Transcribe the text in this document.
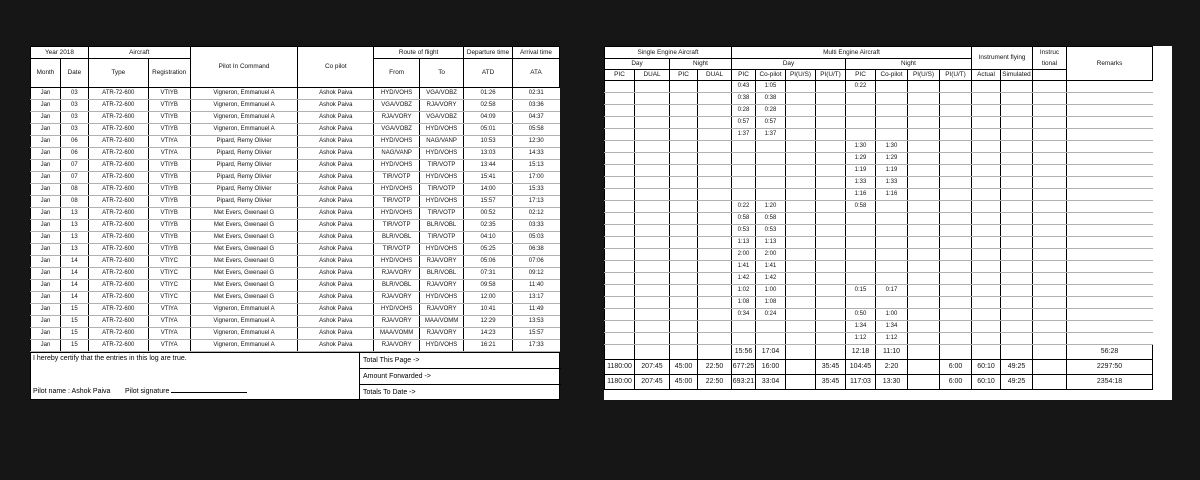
Year 2018		Aircraft		Pilot In Command	Co pilot	Route of flight		Departure time	Arrival time
Month	Date	Type	Registration			From	To	ATD	ATA
Jan	03	ATR-72-600	VTIYB	Vigneron, Emmanuel A	Ashok Paiva	HYD/VOHS	VGA/VOBZ	01:26	02:31
Jan	03	ATR-72-600	VTIYB	Vigneron, Emmanuel A	Ashok Paiva	VGA/VOBZ	RJA/VORY	02:58	03:36
Jan	03	ATR-72-600	VTIYB	Vigneron, Emmanuel A	Ashok Paiva	RJA/VORY	VGA/VOBZ	04:09	04:37
Jan	03	ATR-72-600	VTIYB	Vigneron, Emmanuel A	Ashok Paiva	VGA/VOBZ	HYD/VOHS	05:01	05:58
Jan	06	ATR-72-600	VTIYA	Pipard, Remy Olivier	Ashok Paiva	HYD/VOHS	NAG/VANP	10:53	12:30
Jan	06	ATR-72-600	VTIYA	Pipard, Remy Olivier	Ashok Paiva	NAG/VANP	HYD/VOHS	13:03	14:33
Jan	07	ATR-72-600	VTIYB	Pipard, Remy Olivier	Ashok Paiva	HYD/VOHS	TIR/VOTP	13:44	15:13
Jan	07	ATR-72-600	VTIYB	Pipard, Remy Olivier	Ashok Paiva	TIR/VOTP	HYD/VOHS	15:41	17:00
Jan	08	ATR-72-600	VTIYB	Pipard, Remy Olivier	Ashok Paiva	HYD/VOHS	TIR/VOTP	14:00	15:33
Jan	08	ATR-72-600	VTIYB	Pipard, Remy Olivier	Ashok Paiva	TIR/VOTP	HYD/VOHS	15:57	17:13
Jan	13	ATR-72-600	VTIYB	Met Evers, Gwenael G	Ashok Paiva	HYD/VOHS	TIR/VOTP	00:52	02:12
Jan	13	ATR-72-600	VTIYB	Met Evers, Gwenael G	Ashok Paiva	TIR/VOTP	BLR/VOBL	02:35	03:33
Jan	13	ATR-72-600	VTIYB	Met Evers, Gwenael G	Ashok Paiva	BLR/VOBL	TIR/VOTP	04:10	05:03
Jan	13	ATR-72-600	VTIYB	Met Evers, Gwenael G	Ashok Paiva	TIR/VOTP	HYD/VOHS	05:25	06:38
Jan	14	ATR-72-600	VTIYC	Met Evers, Gwenael G	Ashok Paiva	HYD/VOHS	RJA/VORY	05:06	07:06
Jan	14	ATR-72-600	VTIYC	Met Evers, Gwenael G	Ashok Paiva	RJA/VORY	BLR/VOBL	07:31	09:12
Jan	14	ATR-72-600	VTIYC	Met Evers, Gwenael G	Ashok Paiva	BLR/VOBL	RJA/VORY	09:58	11:40
Jan	14	ATR-72-600	VTIYC	Met Evers, Gwenael G	Ashok Paiva	RJA/VORY	HYD/VOHS	12:00	13:17
Jan	15	ATR-72-600	VTIYA	Vigneron, Emmanuel A	Ashok Paiva	HYD/VOHS	RJA/VORY	10:41	11:49
Jan	15	ATR-72-600	VTIYA	Vigneron, Emmanuel A	Ashok Paiva	RJA/VORY	MAA/VOMM	12:29	13:53
Jan	15	ATR-72-600	VTIYA	Vigneron, Emmanuel A	Ashok Paiva	MAA/VOMM	RJA/VORY	14:23	15:57
Jan	15	ATR-72-600	VTIYA	Vigneron, Emmanuel A	Ashok Paiva	RJA/VORY	HYD/VOHS	16:21	17:33
I hereby certify that the entries in this log are true.
Pilot name : Ashok Paiva Pilot signature
Total This Page ->
Amount Forwarded ->
Totals To Date ->
Single Engine Aircraft				Multi Engine Aircraft								Instrument flying		Instruc
tional	Remarks
Day		Night		Day				Night							
PIC	DUAL	PIC	DUAL	PIC	Co-pilot	PI(U/S)	PI(U/T)	PIC	Co-pilot	PI(U/S)	PI(U/T)	Actual	Simulated		
				0:43	1:05			0:22							
				0:38	0:38										
				0:28	0:28										
				0:57	0:57										
				1:37	1:37										
								1:30	1:30						
								1:29	1:29						
								1:19	1:19						
								1:33	1:33						
								1:16	1:16						
				0:22	1:20			0:58							
				0:58	0:58										
				0:53	0:53										
				1:13	1:13										
				2:00	2:00										
				1:41	1:41										
				1:42	1:42										
				1:02	1:00			0:15	0:17						
				1:08	1:08										
				0:34	0:24			0:50	1:00						
								1:34	1:34						
								1:12	1:12						
				15:56	17:04			12:18	11:10						56:28
1180:00	207:45	45:00	22:50	677:25	16:00		35:45	104:45	2:20		6:00	60:10	49:25		2297:50
1180:00	207:45	45:00	22:50	693:21	33:04		35:45	117:03	13:30		6:00	60:10	49:25		2354:18
